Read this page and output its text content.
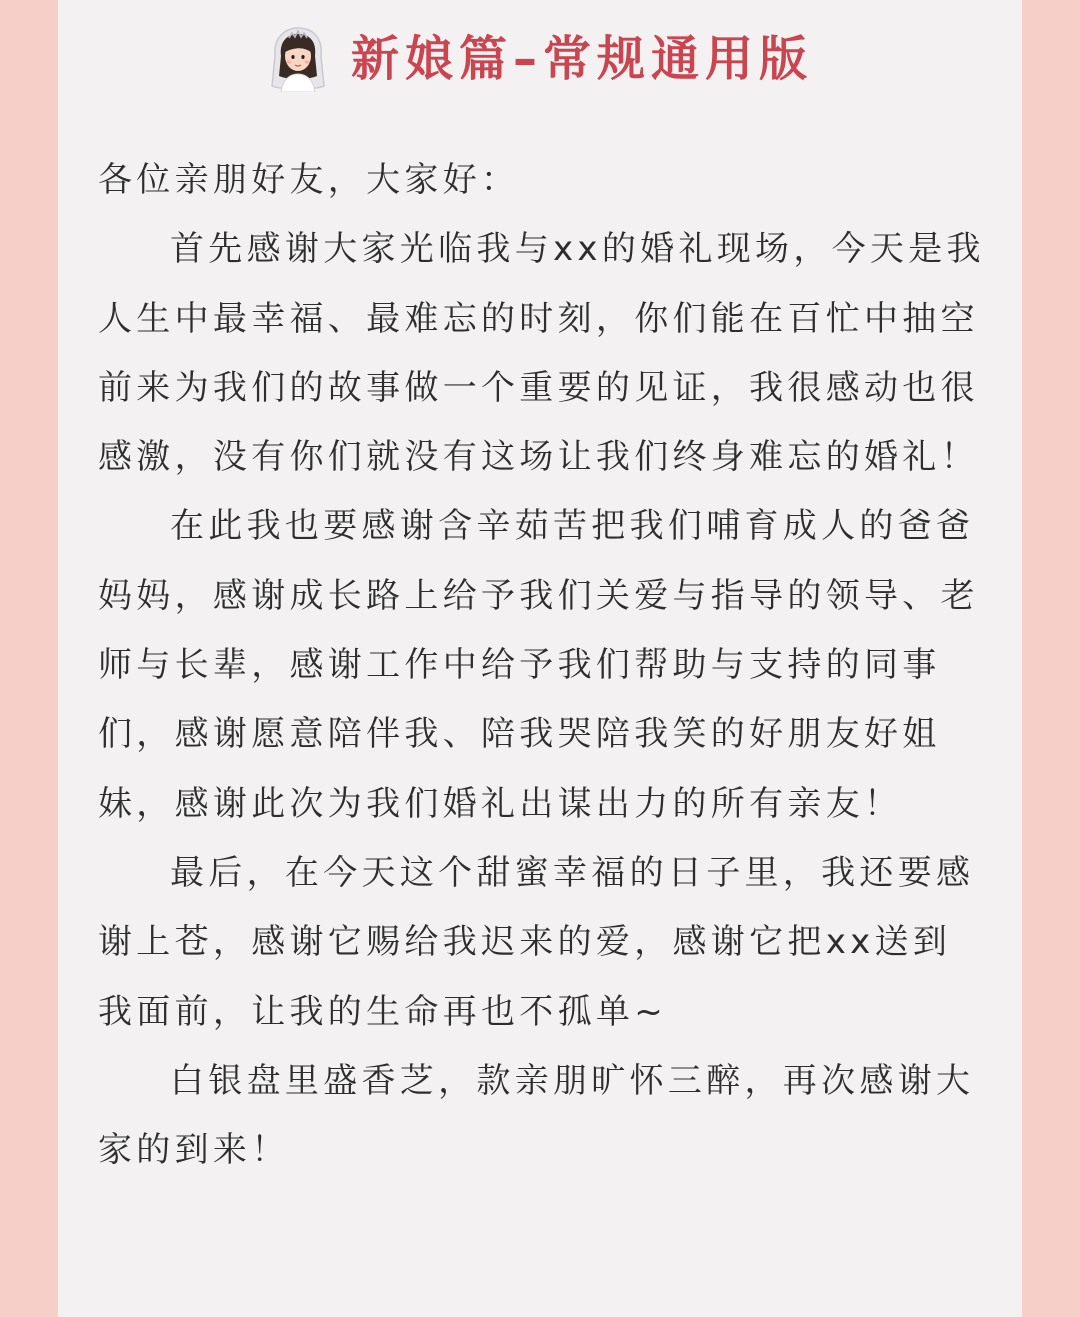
新娘篇–常规通用版

各位亲朋好友，大家好：

首先感谢大家光临我与xx的婚礼现场，今天是我人生中最幸福、最难忘的时刻，你们能在百忙中抽空前来为我们的故事做一个重要的见证，我很感动也很感激，没有你们就没有这场让我们终身难忘的婚礼！

在此我也要感谢含辛茹苦把我们哺育成人的爸爸妈妈，感谢成长路上给予我们关爱与指导的领导、老师与长辈，感谢工作中给予我们帮助与支持的同事们，感谢愿意陪伴我、陪我哭陪我笑的好朋友好姐妹，感谢此次为我们婚礼出谋出力的所有亲友！

最后，在今天这个甜蜜幸福的日子里，我还要感谢上苍，感谢它赐给我迟来的爱，感谢它把xx送到我面前，让我的生命再也不孤单~

白银盘里盛香芝，款亲朋旷怀三醉，再次感谢大家的到来！
